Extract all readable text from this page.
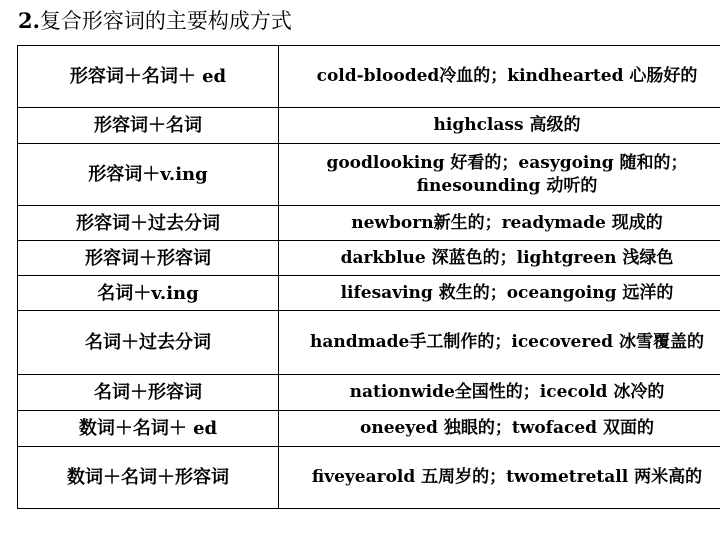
2.复合形容词的主要构成方式
形容词＋名词＋ ed	cold-blooded冷血的；kindhearted 心肠好的
形容词＋名词	highclass 高级的
形容词＋v.ing	goodlooking 好看的；easygoing 随和的；finesounding 动听的
形容词＋过去分词	newborn新生的；readymade 现成的
形容词＋形容词	darkblue 深蓝色的；lightgreen 浅绿色
名词＋v.ing	lifesaving 救生的；oceangoing 远洋的
名词＋过去分词	handmade手工制作的；icecovered 冰雪覆盖的
名词＋形容词	nationwide全国性的；icecold 冰冷的
数词＋名词＋ ed	oneeyed 独眼的；twofaced 双面的
数词＋名词＋形容词	fiveyearold 五周岁的；twometretall 两米高的
